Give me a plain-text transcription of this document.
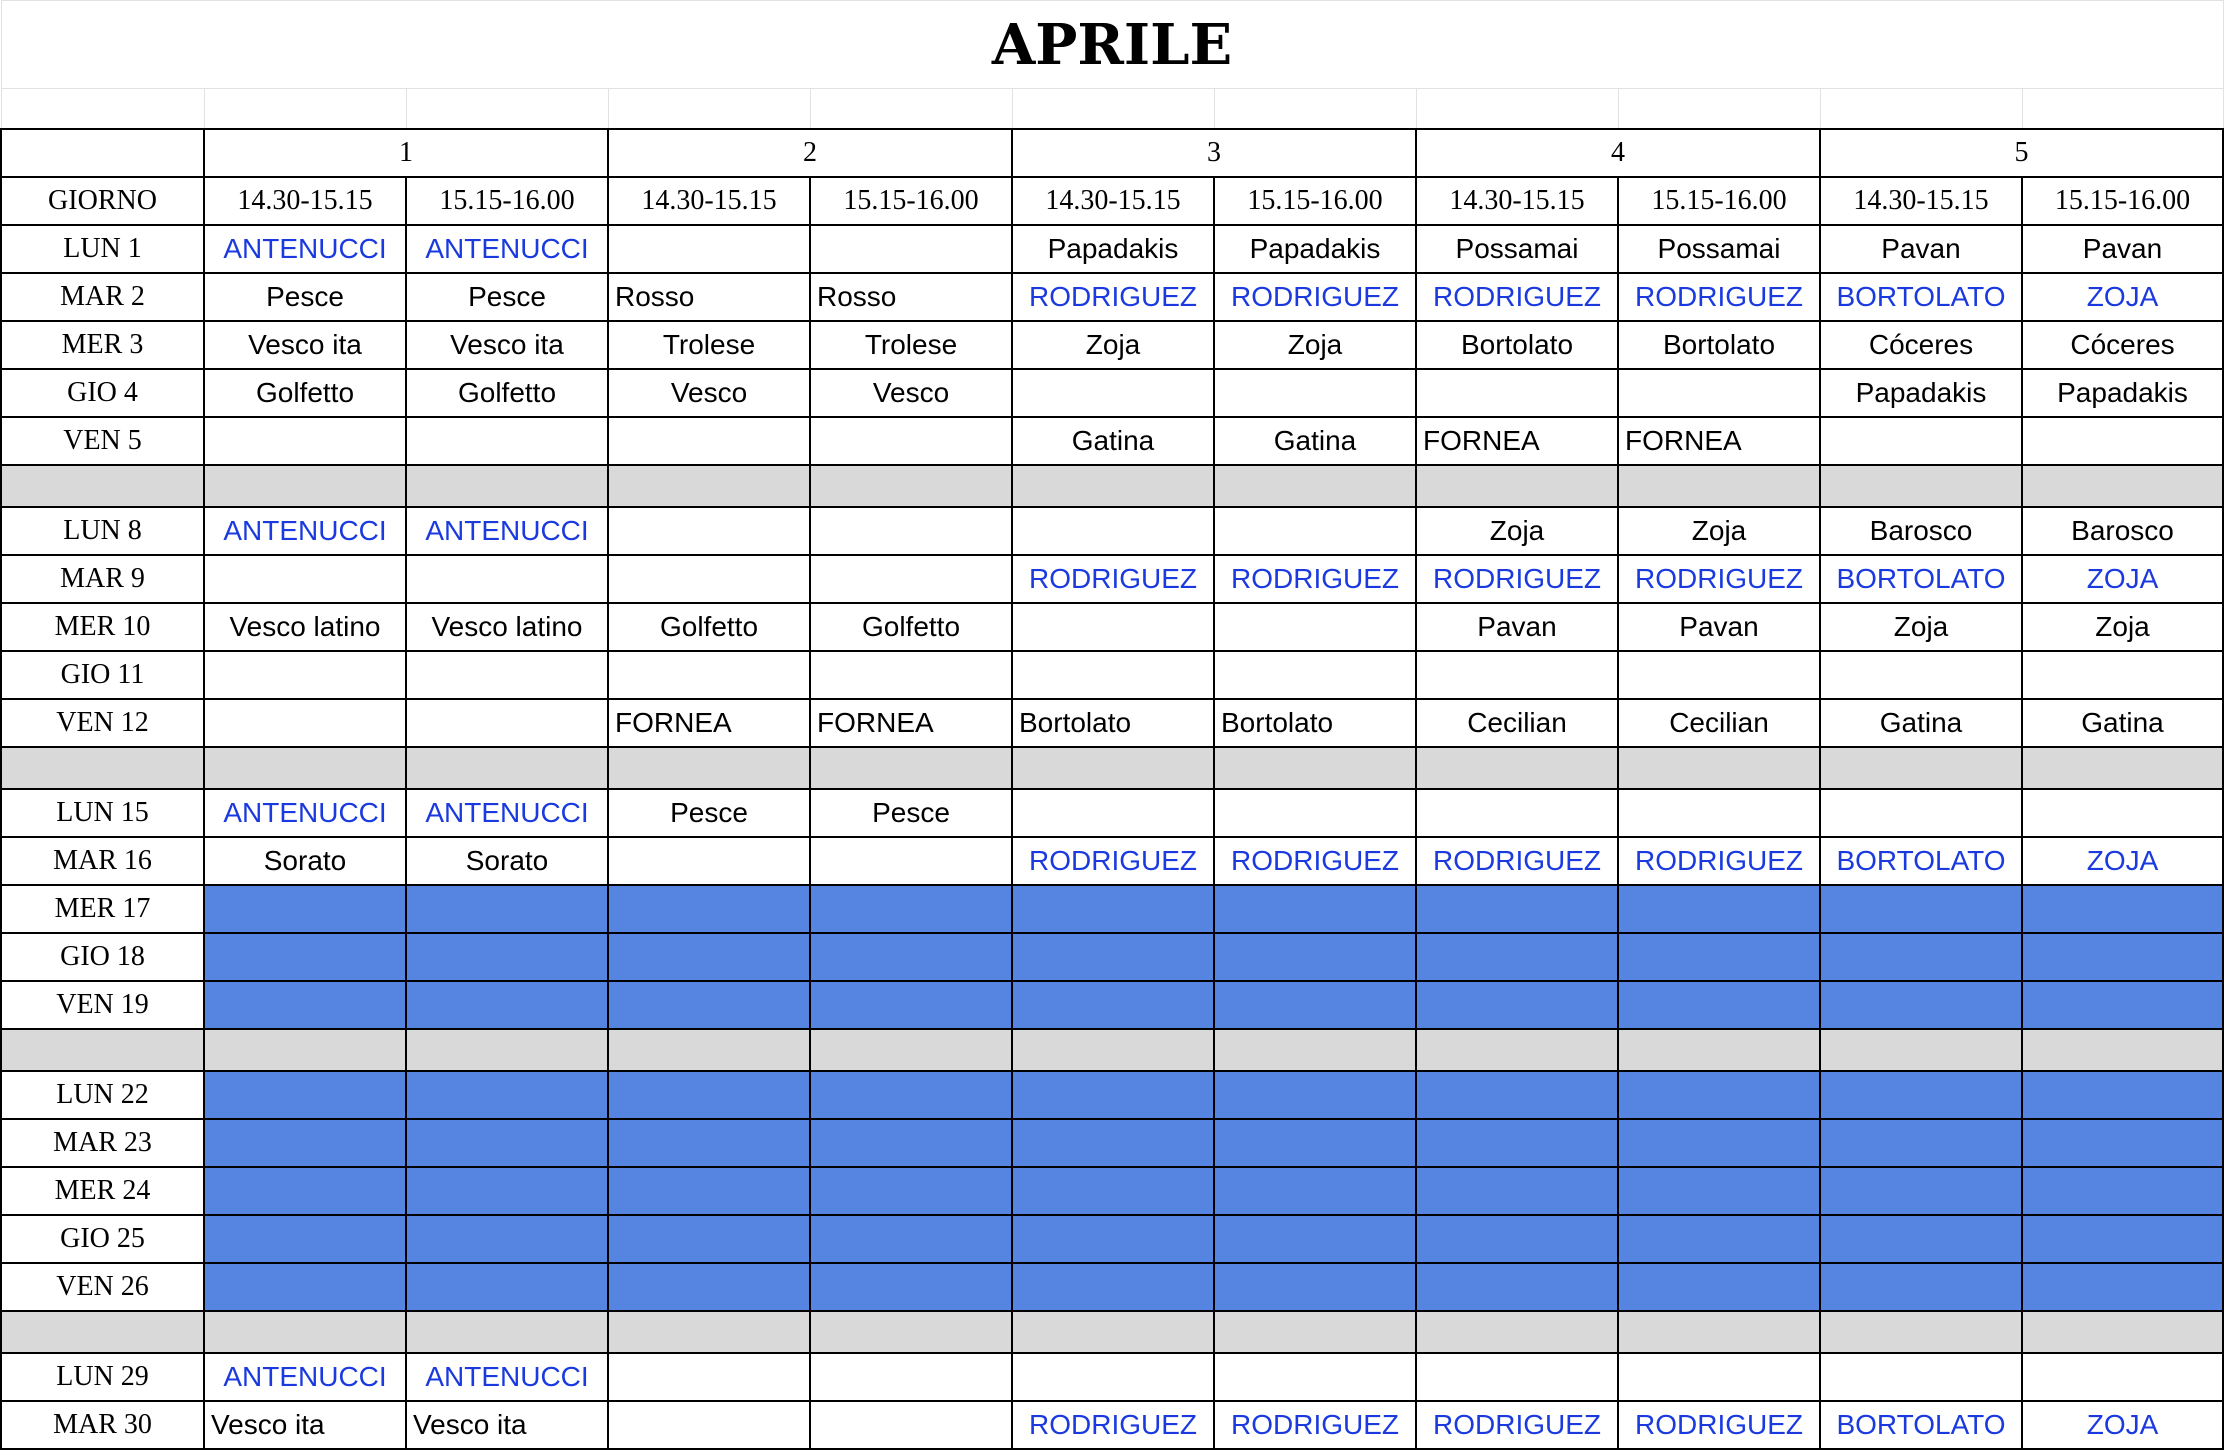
APRILE										

	1		2		3		4		5	
GIORNO	14.30-15.15	15.15-16.00	14.30-15.15	15.15-16.00	14.30-15.15	15.15-16.00	14.30-15.15	15.15-16.00	14.30-15.15	15.15-16.00
LUN 1	ANTENUCCI	ANTENUCCI			Papadakis	Papadakis	Possamai	Possamai	Pavan	Pavan
MAR 2	Pesce	Pesce	Rosso	Rosso	RODRIGUEZ	RODRIGUEZ	RODRIGUEZ	RODRIGUEZ	BORTOLATO	ZOJA
MER 3	Vesco ita	Vesco ita	Trolese	Trolese	Zoja	Zoja	Bortolato	Bortolato	Cóceres	Cóceres
GIO 4	Golfetto	Golfetto	Vesco	Vesco					Papadakis	Papadakis
VEN 5					Gatina	Gatina	FORNEA	FORNEA		

LUN 8	ANTENUCCI	ANTENUCCI					Zoja	Zoja	Barosco	Barosco
MAR 9					RODRIGUEZ	RODRIGUEZ	RODRIGUEZ	RODRIGUEZ	BORTOLATO	ZOJA
MER 10	Vesco latino	Vesco latino	Golfetto	Golfetto			Pavan	Pavan	Zoja	Zoja
GIO 11										
VEN 12			FORNEA	FORNEA	Bortolato	Bortolato	Cecilian	Cecilian	Gatina	Gatina

LUN 15	ANTENUCCI	ANTENUCCI	Pesce	Pesce						
MAR 16	Sorato	Sorato			RODRIGUEZ	RODRIGUEZ	RODRIGUEZ	RODRIGUEZ	BORTOLATO	ZOJA
MER 17										
GIO 18										
VEN 19										

LUN 22										
MAR 23										
MER 24										
GIO 25										
VEN 26										

LUN 29	ANTENUCCI	ANTENUCCI								
MAR 30	Vesco ita	Vesco ita			RODRIGUEZ	RODRIGUEZ	RODRIGUEZ	RODRIGUEZ	BORTOLATO	ZOJA
